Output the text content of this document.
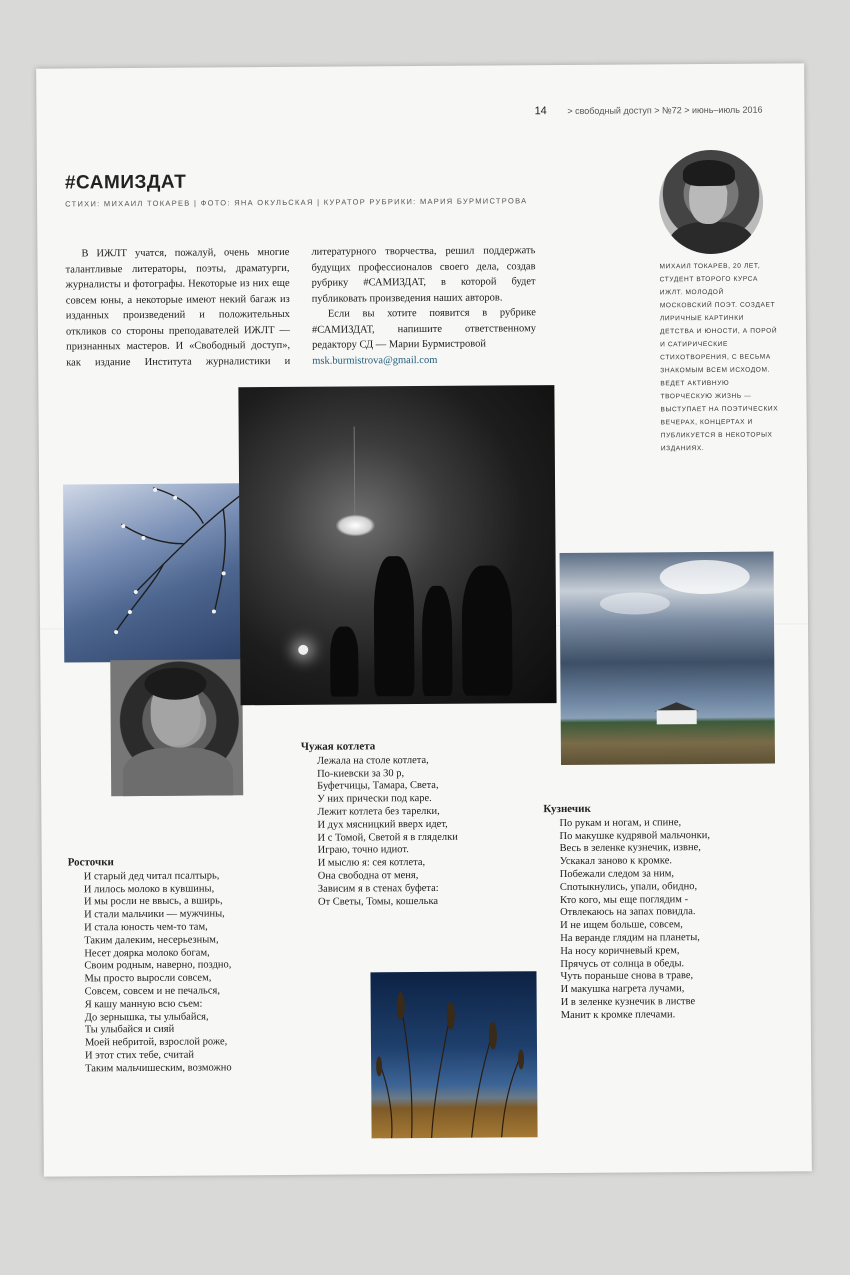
14 > свободный доступ > №72 > июнь–июль 2016
#САМИЗДАТ
СТИХИ: МИХАИЛ ТОКАРЕВ | ФОТО: ЯНА ОКУЛЬСКАЯ | КУРАТОР РУБРИКИ: МАРИЯ БУРМИСТРОВА

В ИЖЛТ учатся, пожалуй, очень многие талантливые литераторы, поэты, драматурги, журналисты и фотографы. Некоторые из них еще совсем юны, а некоторые имеют некий багаж из изданных произведений и положительных откликов со стороны преподавателей ИЖЛТ — признанных мастеров. И «Свободный доступ», как издание Института журналистики и литературного творчества, решил поддержать будущих профессионалов своего дела, создав рубрику #САМИЗДАТ, в которой будет публиковать произведения наших авторов.

Если вы хотите появится в рубрике #САМИЗДАТ, напишите ответственному редактору СД — Марии Бурмистровой

msk.burmistrova@gmail.com
МИХАИЛ ТОКАРЕВ, 20 ЛЕТ, СТУДЕНТ ВТОРОГО КУРСА ИЖЛТ. МОЛОДОЙ МОСКОВСКИЙ ПОЭТ. СОЗДАЕТ ЛИРИЧНЫЕ КАРТИНКИ ДЕТСТВА И ЮНОСТИ, А ПОРОЙ И САТИРИЧЕСКИЕ СТИХОТВОРЕНИЯ, С ВЕСЬМА ЗНАКОМЫМ ВСЕМ ИСХОДОМ. ВЕДЕТ АКТИВНУЮ ТВОРЧЕСКУЮ ЖИЗНЬ — ВЫСТУПАЕТ НА ПОЭТИЧЕСКИХ ВЕЧЕРАХ, КОНЦЕРТАХ И ПУБЛИКУЕТСЯ В НЕКОТОРЫХ ИЗДАНИЯХ.
Росточки
И старый дед читал псалтырь,
И лилось молоко в кувшины,
И мы росли не ввысь, а вширь,
И стали мальчики — мужчины,
И стала юность чем-то там,
Таким далеким, несерьезным,
Несет доярка молоко богам,
Своим родным, наверно, поздно,
Мы просто выросли совсем,
Совсем, совсем и не печалься,
Я кашу манную всю съем:
До зернышка, ты улыбайся,
Ты улыбайся и сияй
Моей небритой, взрослой роже,
И этот стих тебе, считай
Таким мальчишеским, возможно
Чужая котлета
Лежала на столе котлета,
По-киевски за 30 р,
Буфетчицы, Тамара, Света,
У них прически под каре.
Лежит котлета без тарелки,
И дух мясницкий вверх идет,
И с Томой, Светой я в гляделки
Играю, точно идиот.
И мыслю я: сея котлета,
Она свободна от меня,
Зависим я в стенах буфета:
От Светы, Томы, кошелька
Кузнечик
По рукам и ногам, и спине,
По макушке кудрявой мальчонки,
Весь в зеленке кузнечик, извне,
Ускакал заново к кромке.
Побежали следом за ним,
Спотыкнулись, упали, обидно,
Кто кого, мы еще поглядим -
Отвлекаюсь на запах повидла.
И не ищем больше, совсем,
На веранде глядим на планеты,
На носу коричневый крем,
Прячусь от солнца в обеды.
Чуть пораньше снова в траве,
И макушка нагрета лучами,
И в зеленке кузнечик в листве
Манит к кромке плечами.
